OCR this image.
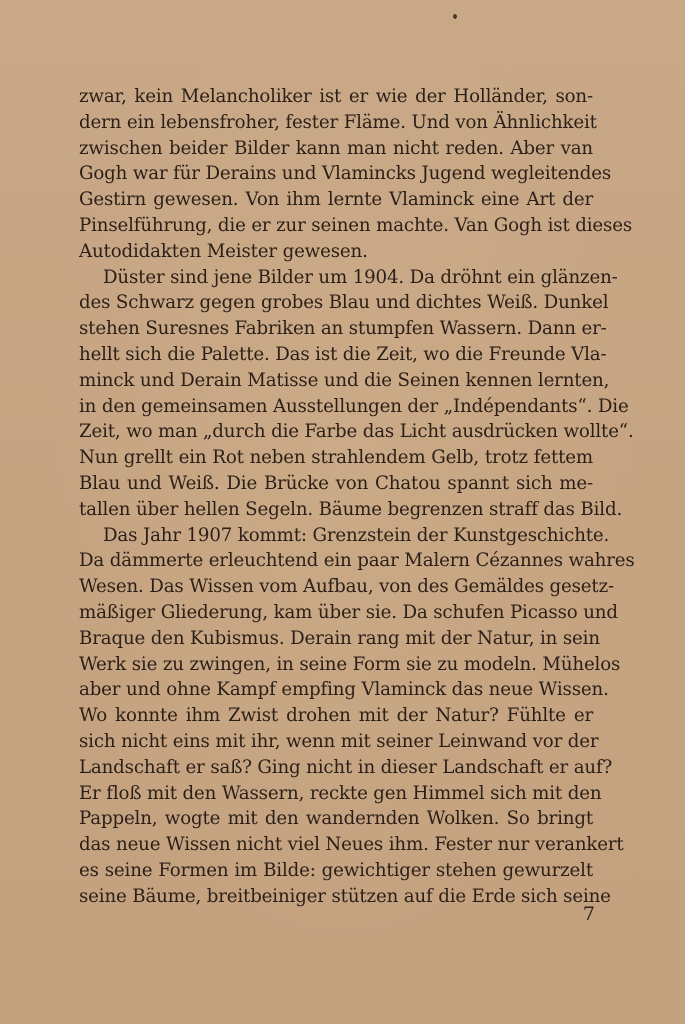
zwar, kein Melancholiker ist er wie der Holländer, son-
dern ein lebensfroher, fester Fläme. Und von Ähnlichkeit
zwischen beider Bilder kann man nicht reden. Aber van
Gogh war für Derains und Vlamincks Jugend wegleitendes
Gestirn gewesen. Von ihm lernte Vlaminck eine Art der
Pinselführung, die er zur seinen machte. Van Gogh ist dieses
Autodidakten Meister gewesen.
Düster sind jene Bilder um 1904. Da dröhnt ein glänzen-
des Schwarz gegen grobes Blau und dichtes Weiß. Dunkel
stehen Suresnes Fabriken an stumpfen Wassern. Dann er-
hellt sich die Palette. Das ist die Zeit, wo die Freunde Vla-
minck und Derain Matisse und die Seinen kennen lernten,
in den gemeinsamen Ausstellungen der „Indépendants“. Die
Zeit, wo man „durch die Farbe das Licht ausdrücken wollte“.
Nun grellt ein Rot neben strahlendem Gelb, trotz fettem
Blau und Weiß. Die Brücke von Chatou spannt sich me-
tallen über hellen Segeln. Bäume begrenzen straff das Bild.
Das Jahr 1907 kommt: Grenzstein der Kunstgeschichte.
Da dämmerte erleuchtend ein paar Malern Cézannes wahres
Wesen. Das Wissen vom Aufbau, von des Gemäldes gesetz-
mäßiger Gliederung, kam über sie. Da schufen Picasso und
Braque den Kubismus. Derain rang mit der Natur, in sein
Werk sie zu zwingen, in seine Form sie zu modeln. Mühelos
aber und ohne Kampf empfing Vlaminck das neue Wissen.
Wo konnte ihm Zwist drohen mit der Natur? Fühlte er
sich nicht eins mit ihr, wenn mit seiner Leinwand vor der
Landschaft er saß? Ging nicht in dieser Landschaft er auf?
Er floß mit den Wassern, reckte gen Himmel sich mit den
Pappeln, wogte mit den wandernden Wolken. So bringt
das neue Wissen nicht viel Neues ihm. Fester nur verankert
es seine Formen im Bilde: gewichtiger stehen gewurzelt
seine Bäume, breitbeiniger stützen auf die Erde sich seine
7
